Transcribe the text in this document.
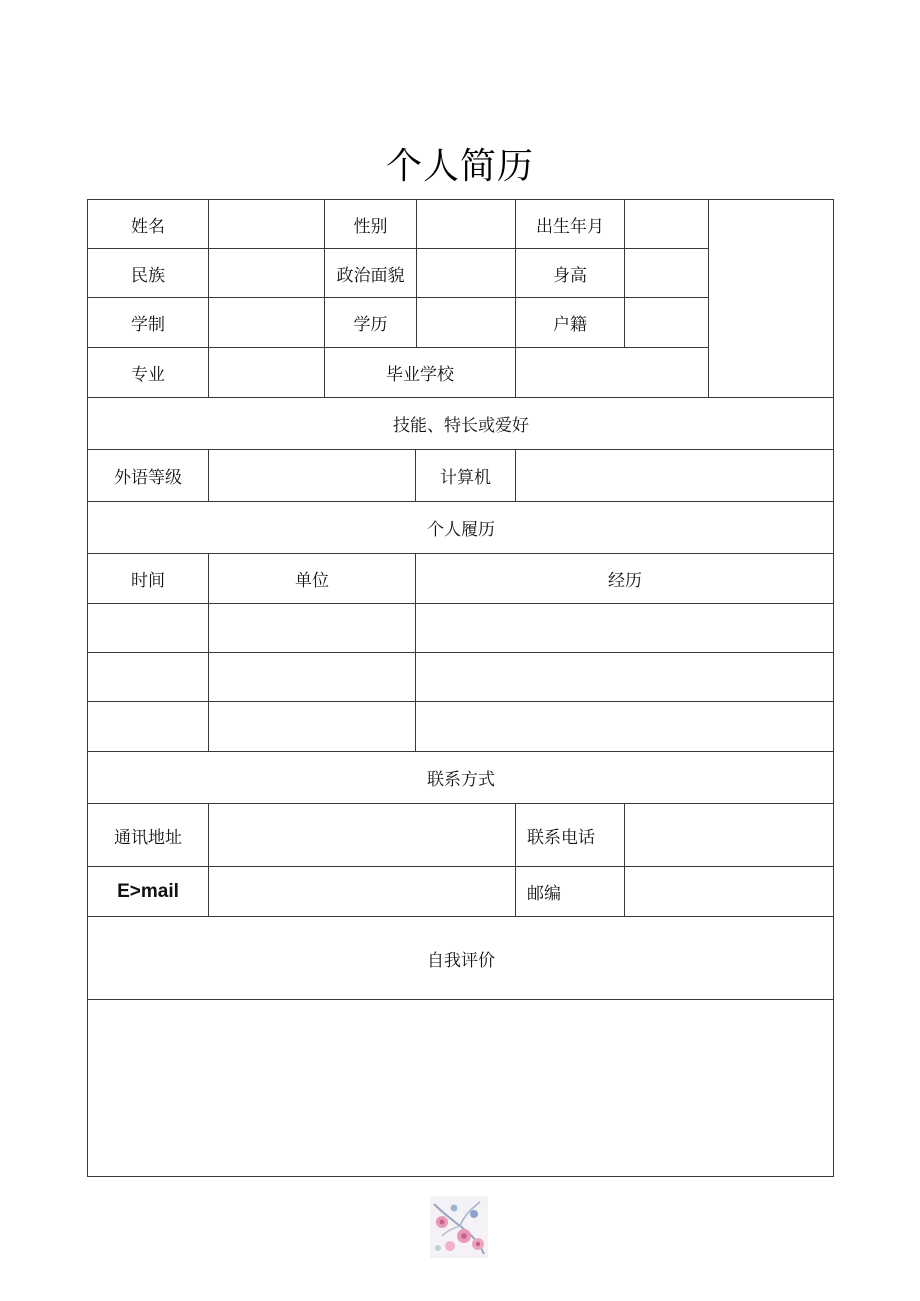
个人简历
姓名	性别	出生年月
民族	政治面貌	身高
学制	学历	户籍
专业	毕业学校
技能、特长或爱好
外语等级	计算机
个人履历
时间	单位	经历
联系方式
通讯地址	联系电话
E>mail	邮编
自我评价
